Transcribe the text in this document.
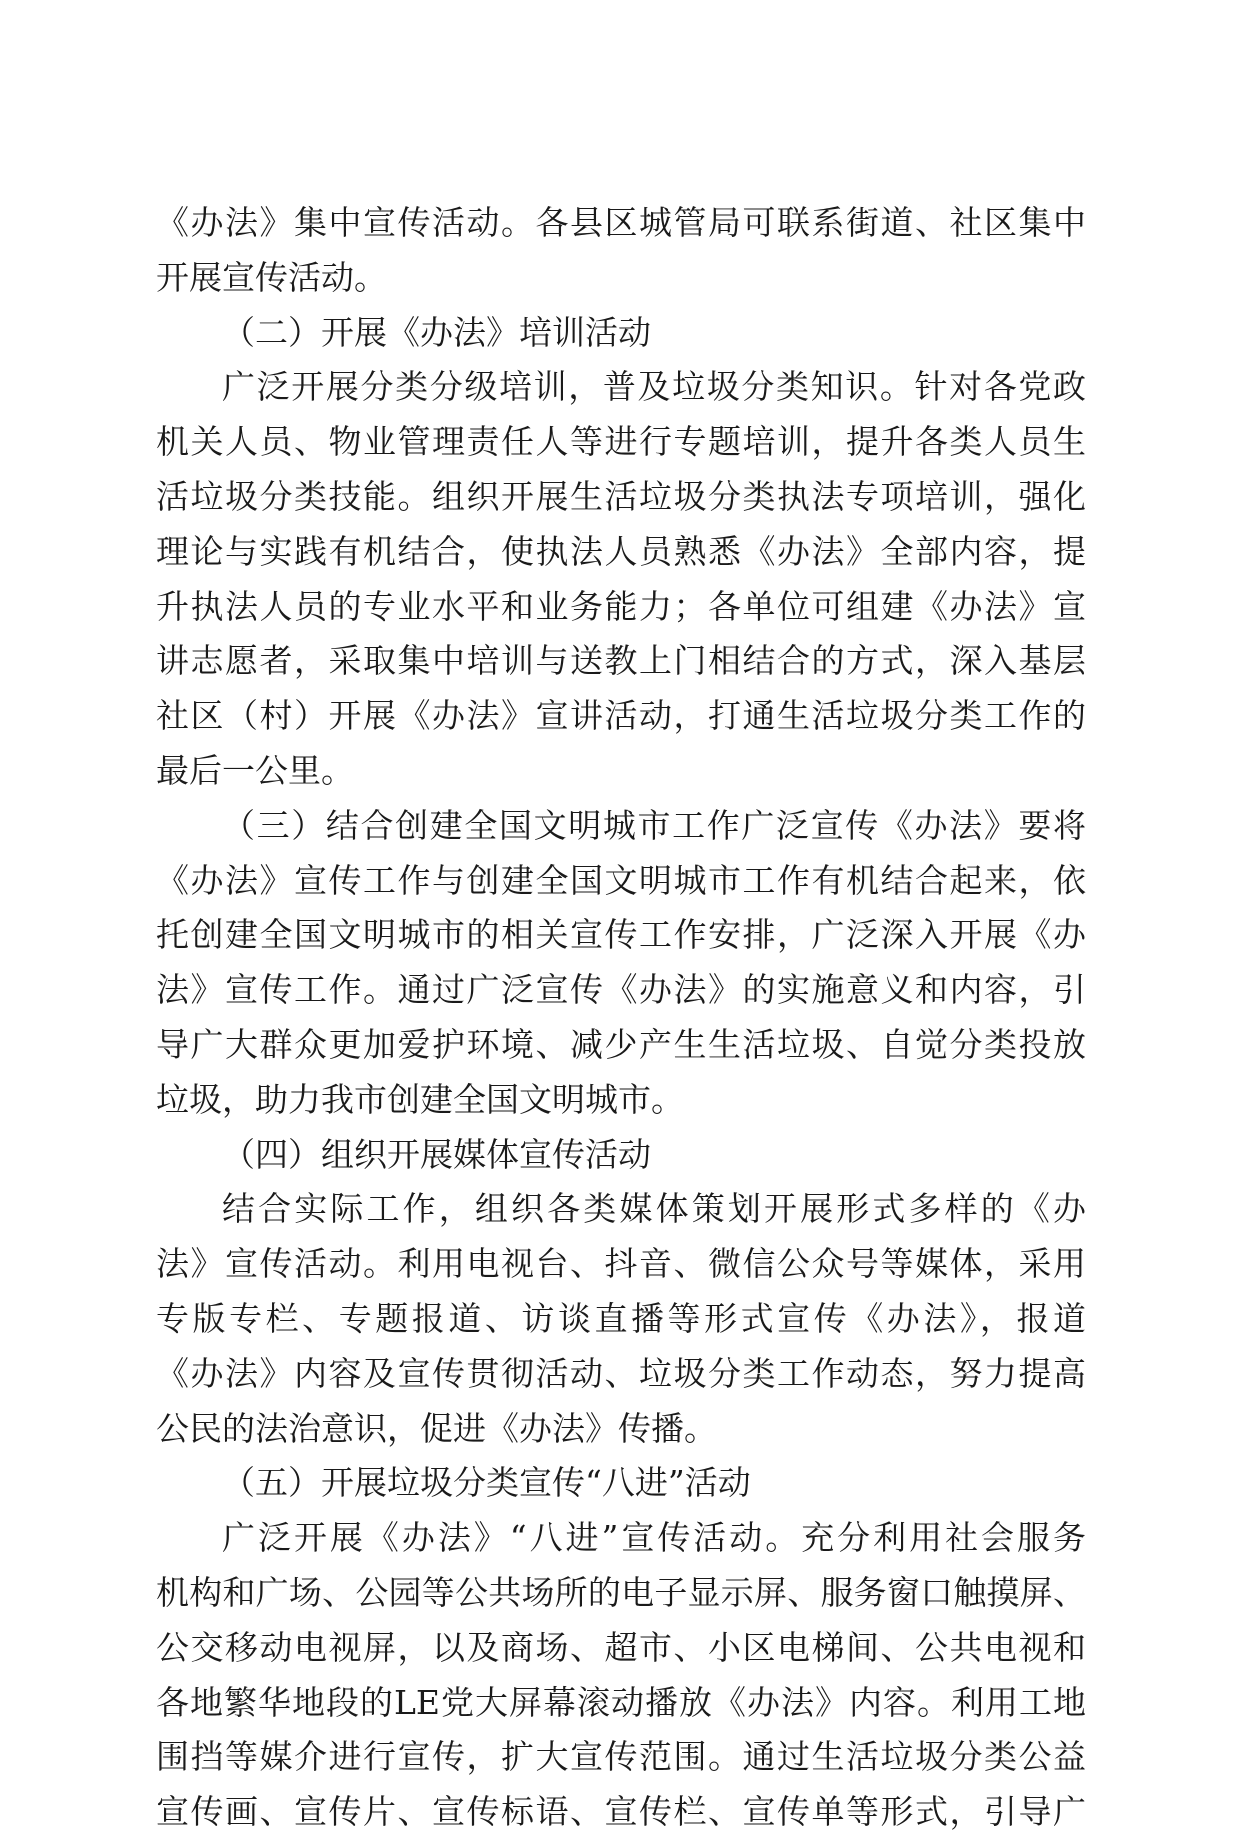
《办法》集中宣传活动。各县区城管局可联系街道、社区集中
开展宣传活动。
（二）开展《办法》培训活动
广泛开展分类分级培训，普及垃圾分类知识。针对各党政
机关人员、物业管理责任人等进行专题培训，提升各类人员生
活垃圾分类技能。组织开展生活垃圾分类执法专项培训，强化
理论与实践有机结合，使执法人员熟悉《办法》全部内容，提
升执法人员的专业水平和业务能力；各单位可组建《办法》宣
讲志愿者，采取集中培训与送教上门相结合的方式，深入基层
社区（村）开展《办法》宣讲活动，打通生活垃圾分类工作的
最后一公里。
（三）结合创建全国文明城市工作广泛宣传《办法》要将
《办法》宣传工作与创建全国文明城市工作有机结合起来，依
托创建全国文明城市的相关宣传工作安排，广泛深入开展《办
法》宣传工作。通过广泛宣传《办法》的实施意义和内容，引
导广大群众更加爱护环境、减少产生生活垃圾、自觉分类投放
垃圾，助力我市创建全国文明城市。
（四）组织开展媒体宣传活动
结合实际工作，组织各类媒体策划开展形式多样的《办
法》宣传活动。利用电视台、抖音、微信公众号等媒体，采用
专版专栏、专题报道、访谈直播等形式宣传《办法》，报道
《办法》内容及宣传贯彻活动、垃圾分类工作动态，努力提高
公民的法治意识，促进《办法》传播。
（五）开展垃圾分类宣传“八进”活动
广泛开展《办法》“八进”宣传活动。充分利用社会服务
机构和广场、公园等公共场所的电子显示屏、服务窗口触摸屏、
公交移动电视屏，以及商场、超市、小区电梯间、公共电视和
各地繁华地段的LE党大屏幕滚动播放《办法》内容。利用工地
围挡等媒介进行宣传，扩大宣传范围。通过生活垃圾分类公益
宣传画、宣传片、宣传标语、宣传栏、宣传单等形式，引导广
